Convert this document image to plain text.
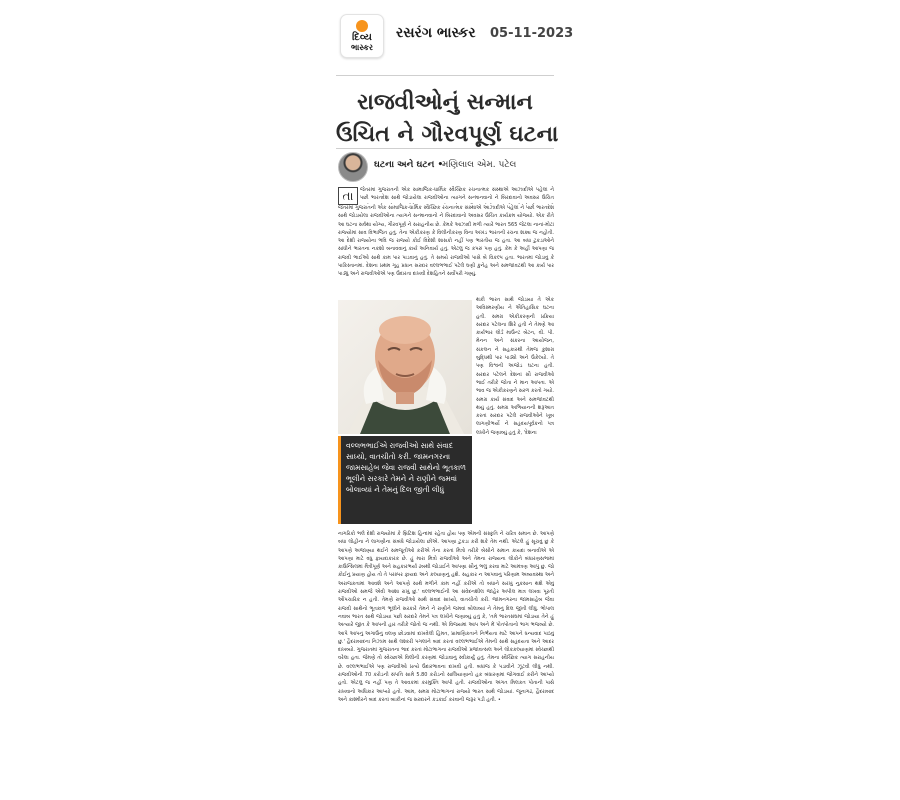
દિવ્ય
ભાસ્કર
રસરંગ ભાસ્કર 05-11-2023
રાજવીઓનું સન્માન
ઉચિત ને ગૌરવપૂર્ણ ઘટના
ઘટના અને ઘટન •
મણિલાલ એમ. પટેલ
તા	જેતરમાં ગુજરાતની એક સામાજિક-ધાર્મિક સ્વૈચ્છિક રચનાત્મક સંસ્થાએ આઝાદીએ પહેલાં ને પછી ભારતદેશ સાથે જોડાયેલા રાજવીઓના ત્યાગને સન્માનવાનો ને બિરદાવાનો અવસર ઉચિત
જેતરમાં ગુજરાતની એક સામાજિક-ધાર્મિક સ્વૈચ્છિક રચનાત્મક સંસ્થાએ આઝાદીએ પહેલાં ને પછી ભારતદેશ સાથે જોડાયેલા રાજવીઓના ત્યાગને સન્માનવાનો ને બિરદાવાનો અવસર ઉચિત કાર્યક્રમ યોજ્યો. એક રીતે આ ઘટના સર્વથા યોગ્ય, ગૌરવપૂર્ણ ને સરાહનીય છે. કેમકે આઝાદી મળી ત્યારે ભારત 565 જેટલા નાનાં-મોટાં રાજ્યોમાં સાવ વિભાજિત હતું. તેના એકીકરણ કે વિલીનીકરણ વિના અખંડ ભારતની રચના શક્ય જ નહોતી. આ દેશી રાજ્યોના ભવિ જ રાજ્યો કોઈ વિદેશી શાસકો નહીં પણ ભારતીય જ હતા. આ બધા ટુકડાઓને સાંધીને ભારતના નકશો બનાવવાનું કાર્ય અનિવાર્ય હતું. એટલું જ કપરું પણ હતું. કેમ કે અહીં આપણા જ રાજવી ભાઈઓ સાથે કામ પાર પાડવાનું હતું. તે સમયે રાજવીઓ પાસે બે વિકલ્પ હતા. ભારતમાં જોડાવું કે પાકિસ્તાનમાં. દેશના પ્રથમ ગૃહ પ્રધાન સરદાર વલ્લભભાઈ પટેલે ઘણી કુનેહ અને સમજાવટથી આ કાર્ય પાર પાડ્યું અને રાજવીઓએ પણ ઉદારતા દાખવી દેશહિતને સર્વોપરી ગણ્યું.
થકી ભારત સાથે જોડાયા તે એક અવિસ્મરણીય ને ઐતિહાસિક ઘટના હતી. સમગ્ર એકીકરણની પ્રક્રિયા સરદાર પટેલના શિરે હતી ને તેમણે આ કાર્યભાર લોર્ડ માઉન્ટ બેટન, વી. પી. મેનન અને સંકરના આયોજન, સંકલન ને સહકારથી તેમજ કુશાગ્ર બુદ્ધિથી પાર પાડ્યો અને ઉકેલ્યો. તે પણ વિશ્વની અજોડ ઘટના હતી. સરદાર પટેલને દેશનાં સૌ રાજવીઓ ભાઈ તરીકે જોતા ને માન આપતા. એ ભાવ જ એકીકરણને સરળ કરતો ગયો. સમગ્ર કાર્ય સંવાદ અને સમજાવટથી થયું હતું. સમગ્ર અભિયાનની શરૂઆત કરતાં સરદાર પટેલે રાજવીઓને ખૂબ લાગણીભર્યો ને સહૃદયપૂર્વકનો પત્ર લખીને જણાવ્યું હતું કે, 'દેશના
વલ્લભભાઈએ રાજવીઓ સાથે સંવાદ સાધ્યો, વાતચીતો કરી. જામનગરના જામસાહેબ જેવા રાજવી સાથેનો ભૂતકાળ ભૂલીને સરકારે તેમને ને રાણીને જમવાં બોલાવ્યાં ને તેમનું દિલ જીતી લીધું
નાગરિકો ભલે દેશી રાજ્યોમાં કે બ્રિટિશ હિન્દમાં રહેતા હોય પણ એમની સંસ્કૃતિ ને ચરિત્ર સમાન છે. આપણે બધા લોહીના ને લાગણીના સંબંધે જોડાયેલા છીએ. આપણા ટુકડા કરી શકે તેમ નથી. એટલે હું સૂચવું છું કે આપણે અજાણ્યા થઈને સમજૂતીઓ કરીએ તેના કરતાં મિત્રો તરીકે બેસીને સમાન કાયદા બનાવીએ એ આપણા માટે વધુ ફાયદાકારક છે. હું મારા મિત્રો રાજવીઓ અને તેમના રાજ્યના લોકોને બંધારણસભામાં કાઉન્સિલમાં મૈત્રીપૂર્ણ અને સહકારભર્યા ઢબથી જોડાઈને આપણા સૌનું ભલું કરવા માટે આમંત્રણ આપું છું. જો કોઈનું પ્રયાણ હોય તો તે પરસ્પર ફાયદા અને કલ્યાણનું હશે. સહકાર ન આપવાનું પરિણામ અવ્યવસ્થા અને અરાજકતામાં આવશે અને આપણે સાથે મળીને કામ નહીં કરીએ તો બધાને સરખું નુકસાન થશે એવું રાજવીઓ સમજે એવી આશા રાખું છું.' વલ્લભભાઈની આ સંવેદનશીલ જાહેર અપીલ માત્ર લખવા પૂરતી ઔપચારિક ન હતી. તેમણે રાજવીઓ સાથે સંવાદ સાધ્યો, વાતચીતો કરી. જામનગરના જામસાહેબ જેવા રાજવી સાથેનો ભૂતકાળ ભૂલીને સરકારે તેમને ને રાણીને જમવાં બોલાવ્યાં ને તેમનું દિલ જીતી લીધું. ભોપાલ નવાબ ભારત સાથે જોડાયા પછી સરદારે તેમને પત્ર લખીને જણાવ્યું હતું કે, 'તમે ભારતસંઘમાં જોડાયા તેને હું અત્યારે જીત કે આપની હાર તરીકે જોતો જ નથી. એ વિજયમાં આપ અને મેં પોતપોતાનો ભાગ ભજવ્યો છે. આપે આપનું અગાઉનું વલણ છોડવામાં દાખવેલી હિંમત, પ્રામાણિકતાને નિર્ભયતા માટે આપને ધન્યવાદ પાઠવું છું.' હૈદરાબાદના નિઝામ સાથે લશ્કરી પગલાંને બાદ કરતાં વલ્લભભાઈએ તેમની સાથે સહૃદયતા અને આદર દાખવ્યો. ગુજરાતમાં ગુજરાતના ભાદ કરતાં મોટાભાગના રાજવીઓ પ્રજાવત્સલ અને લોકકલ્યાણમાં સ્વેચ્છાથી વરેલા હતા. જેમણે તો સ્વેચ્છાએ વિલીની કરણમાં જોડાવાનું સ્વીકાર્યું હતું. તેમના સ્વૈચ્છિક ત્યાગ સરાહનીય છે. વલ્લભભાઈએ પણ રાજવીઓ પ્રત્યે ઉદારભાવના દાખવી હતી. બધાંજ કે પડાવીને ઝૂંટવી લીધું નથી. રાજવીઓની 70 કરોડની સંપત્તિ સામે 5.80 કરોડનો સાલિયાણાનો હક બંધારણમાં જોગવાઈ કરીને આપ્યો હતો. એટલું જ નહીં પણ તે આવકમાં કરમુક્તિ આપી હતી. રાજવીઓના અંગત મિલકત પોતાની પાસે રાખવાનો અધિકાર આપ્યો હતો. આમ, સમગ્ર મોટાભાગનાં રાજ્યો ભારત સાથે જોડાયાં. જૂનાગઢ, હૈદરાબાદ અને કાશ્મીરને બાદ કરતાં બાકીનાં જ સરદારને કડકાઈ કરવાની જરૂર પડી હતી. •
